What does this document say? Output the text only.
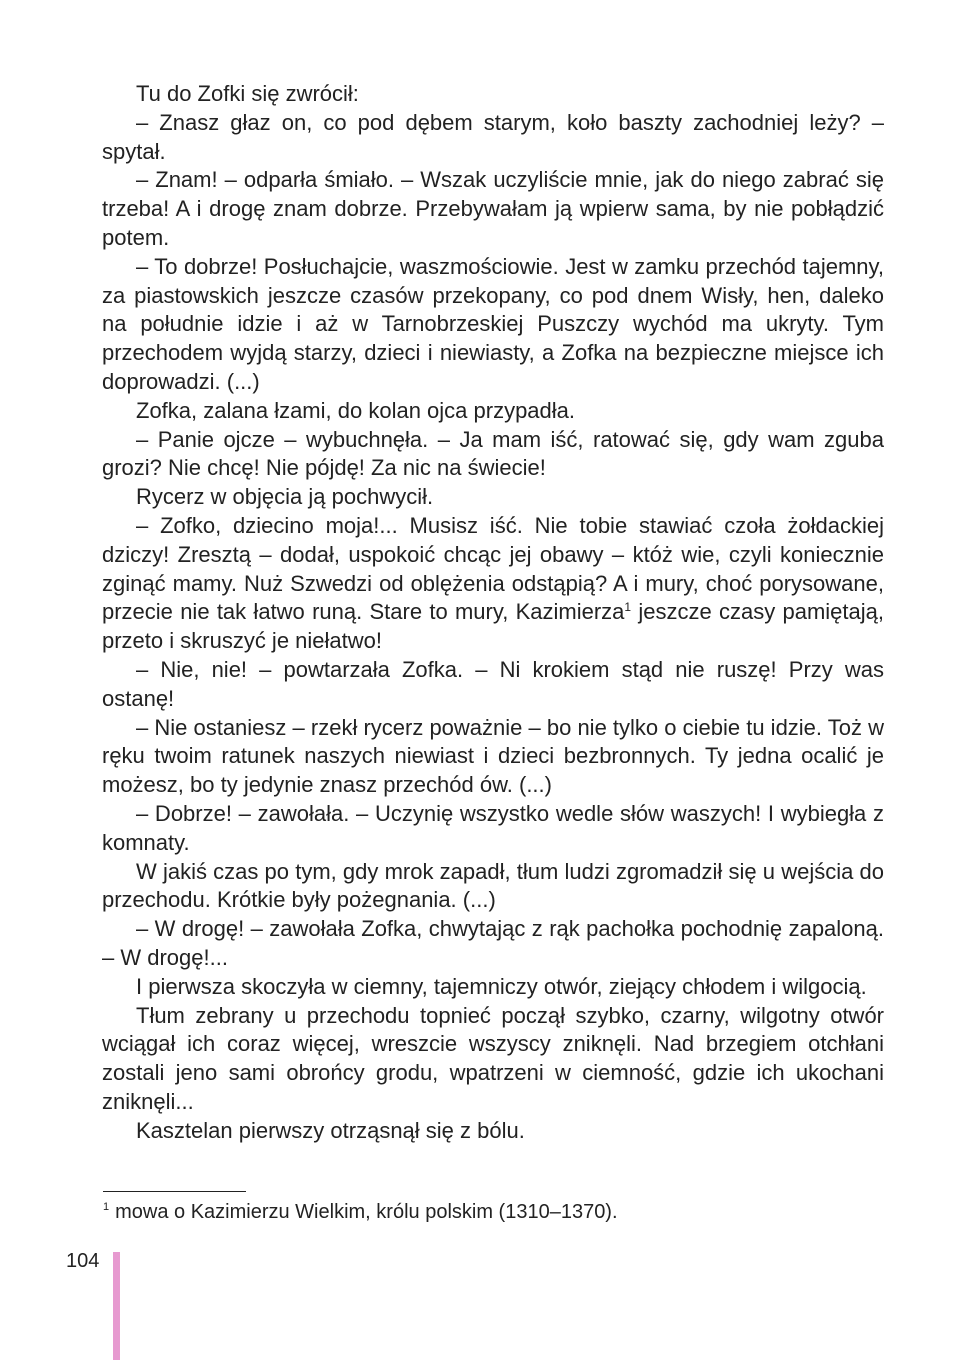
Tu do Zofki się zwrócił:

– Znasz głaz on, co pod dębem starym, koło baszty zachodniej leży? – spytał.

– Znam! – odparła śmiało. – Wszak uczyliście mnie, jak do niego zabrać się trzeba! A i drogę znam dobrze. Przebywałam ją wpierw sama, by nie pobłądzić potem.

– To dobrze! Posłuchajcie, waszmościowie. Jest w zamku przechód tajemny, za piastowskich jeszcze czasów przekopany, co pod dnem Wisły, hen, daleko na południe idzie i aż w Tarnobrzeskiej Puszczy wychód ma ukryty. Tym przechodem wyjdą starzy, dzieci i niewiasty, a Zofka na bezpieczne miejsce ich doprowadzi. (...)

Zofka, zalana łzami, do kolan ojca przypadła.

– Panie ojcze – wybuchnęła. – Ja mam iść, ratować się, gdy wam zguba grozi? Nie chcę! Nie pójdę! Za nic na świecie!

Rycerz w objęcia ją pochwycił.

– Zofko, dziecino moja!... Musisz iść. Nie tobie stawiać czoła żołdackiej dziczy! Zresztą – dodał, uspokoić chcąc jej obawy – któż wie, czyli koniecznie zginąć mamy. Nuż Szwedzi od oblężenia odstąpią? A i mury, choć porysowane, przecie nie tak łatwo runą. Stare to mury, Kazimierza$^1$ jeszcze czasy pamiętają, przeto i skruszyć je niełatwo!

– Nie, nie! – powtarzała Zofka. – Ni krokiem stąd nie ruszę! Przy was ostanę!

– Nie ostaniesz – rzekł rycerz poważnie – bo nie tylko o ciebie tu idzie. Toż w ręku twoim ratunek naszych niewiast i dzieci bezbronnych. Ty jedna ocalić je możesz, bo ty jedynie znasz przechód ów. (...)

– Dobrze! – zawołała. – Uczynię wszystko wedle słów waszych! I wybiegła z komnaty.

W jakiś czas po tym, gdy mrok zapadł, tłum ludzi zgromadził się u wejścia do przechodu. Krótkie były pożegnania. (...)

– W drogę! – zawołała Zofka, chwytając z rąk pachołka pochodnię zapaloną. – W drogę!...

I pierwsza skoczyła w ciemny, tajemniczy otwór, ziejący chłodem i wilgocią.

Tłum zebrany u przechodu topnieć począł szybko, czarny, wilgotny otwór wciągał ich coraz więcej, wreszcie wszyscy zniknęli. Nad brzegiem otchłani zostali jeno sami obrońcy grodu, wpatrzeni w ciemność, gdzie ich ukochani zniknęli...

Kasztelan pierwszy otrząsnął się z bólu.

$^1$ mowa o Kazimierzu Wielkim, królu polskim (1310–1370).
104
